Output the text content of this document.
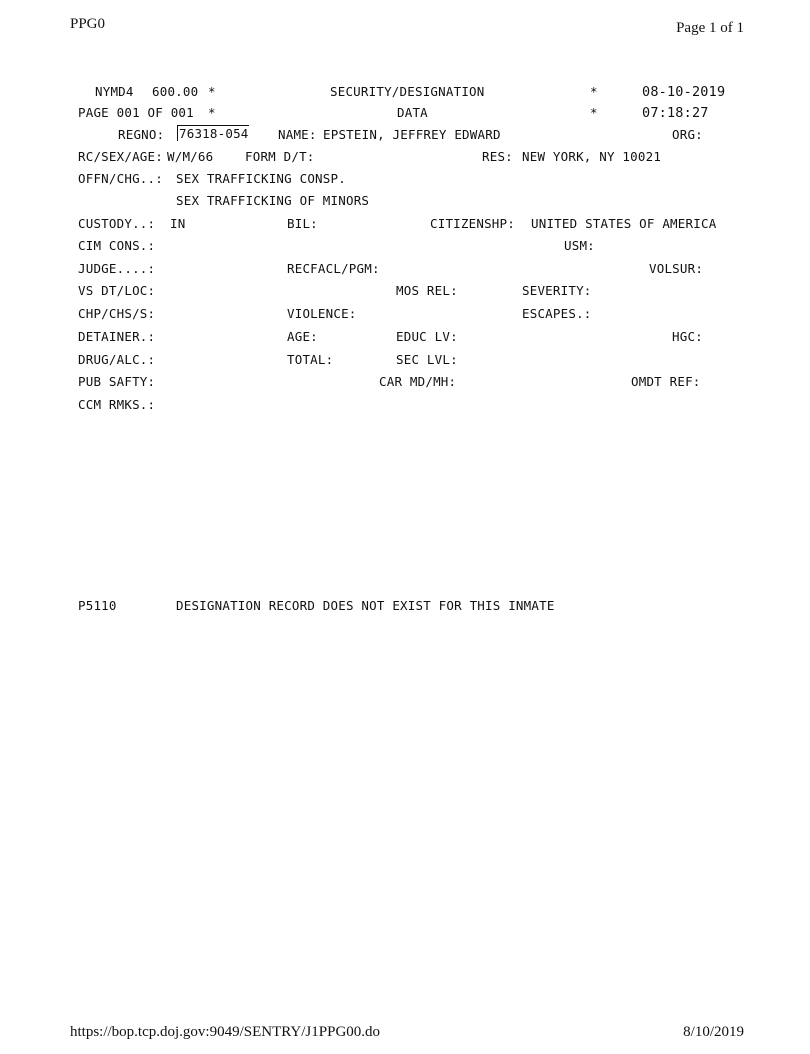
PPG0	Page 1 of 1
NYMD4 600.00 *	SECURITY/DESIGNATION	*	08-10-2019
PAGE 001 OF 001 *	DATA	*	07:18:27
REGNO: 76318-054 NAME: EPSTEIN, JEFFREY EDWARD	ORG:
RC/SEX/AGE: W/M/66	FORM D/T:	RES: NEW YORK, NY 10021
OFFN/CHG..: SEX TRAFFICKING CONSP.
SEX TRAFFICKING OF MINORS
CUSTODY..: IN	BIL:	CITIZENSHP: UNITED STATES OF AMERICA
CIM CONS.:	USM:
JUDGE....:	RECFACL/PGM:	VOLSUR:
VS DT/LOC:	MOS REL:	SEVERITY:
CHP/CHS/S:	VIOLENCE:	ESCAPES.:
DETAINER.:	AGE:	EDUC LV:	HGC:
DRUG/ALC.:	TOTAL:	SEC LVL:
PUB SAFTY:	CAR MD/MH:	OMDT REF:
CCM RMKS.:
P5110	DESIGNATION RECORD DOES NOT EXIST FOR THIS INMATE
https://bop.tcp.doj.gov:9049/SENTRY/J1PPG00.do	8/10/2019
